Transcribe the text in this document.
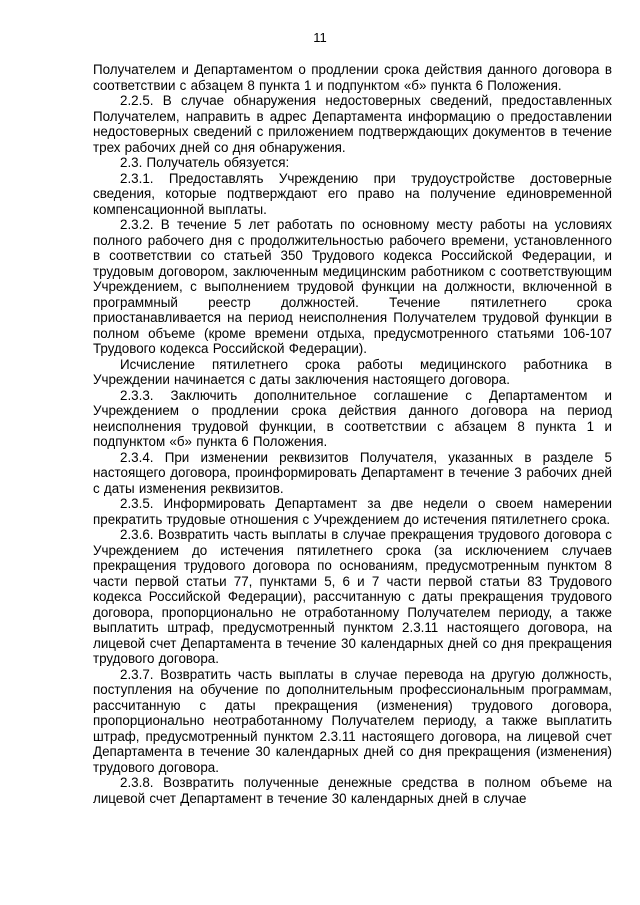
11

Получателем и Департаментом о продлении срока действия данного договора в соответствии с абзацем 8 пункта 1 и подпунктом «б» пункта 6 Положения.

2.2.5. В случае обнаружения недостоверных сведений, предоставленных Получателем, направить в адрес Департамента информацию о предоставлении недостоверных сведений с приложением подтверждающих документов в течение трех рабочих дней со дня обнаружения.

2.3. Получатель обязуется:

2.3.1. Предоставлять Учреждению при трудоустройстве достоверные сведения, которые подтверждают его право на получение единовременной компенсационной выплаты.

2.3.2. В течение 5 лет работать по основному месту работы на условиях полного рабочего дня с продолжительностью рабочего времени, установленного в соответствии со статьей 350 Трудового кодекса Российской Федерации, и трудовым договором, заключенным медицинским работником с соответствующим Учреждением, с выполнением трудовой функции на должности, включенной в программный реестр должностей. Течение пятилетнего срока приостанавливается на период неисполнения Получателем трудовой функции в полном объеме (кроме времени отдыха, предусмотренного статьями 106-107 Трудового кодекса Российской Федерации).

Исчисление пятилетнего срока работы медицинского работника в Учреждении начинается с даты заключения настоящего договора.

2.3.3. Заключить дополнительное соглашение с Департаментом и Учреждением о продлении срока действия данного договора на период неисполнения трудовой функции, в соответствии с абзацем 8 пункта 1 и подпунктом «б» пункта 6 Положения.

2.3.4. При изменении реквизитов Получателя, указанных в разделе 5 настоящего договора, проинформировать Департамент в течение 3 рабочих дней с даты изменения реквизитов.

2.3.5. Информировать Департамент за две недели о своем намерении прекратить трудовые отношения с Учреждением до истечения пятилетнего срока.

2.3.6. Возвратить часть выплаты в случае прекращения трудового договора с Учреждением до истечения пятилетнего срока (за исключением случаев прекращения трудового договора по основаниям, предусмотренным пунктом 8 части первой статьи 77, пунктами 5, 6 и 7 части первой статьи 83 Трудового кодекса Российской Федерации), рассчитанную с даты прекращения трудового договора, пропорционально не отработанному Получателем периоду, а также выплатить штраф, предусмотренный пунктом 2.3.11 настоящего договора, на лицевой счет Департамента в течение 30 календарных дней со дня прекращения трудового договора.

2.3.7. Возвратить часть выплаты в случае перевода на другую должность, поступления на обучение по дополнительным профессиональным программам, рассчитанную с даты прекращения (изменения) трудового договора, пропорционально неотработанному Получателем периоду, а также выплатить штраф, предусмотренный пунктом 2.3.11 настоящего договора, на лицевой счет Департамента в течение 30 календарных дней со дня прекращения (изменения) трудового договора.

2.3.8. Возвратить полученные денежные средства в полном объеме на лицевой счет Департамент в течение 30 календарных дней в случае
